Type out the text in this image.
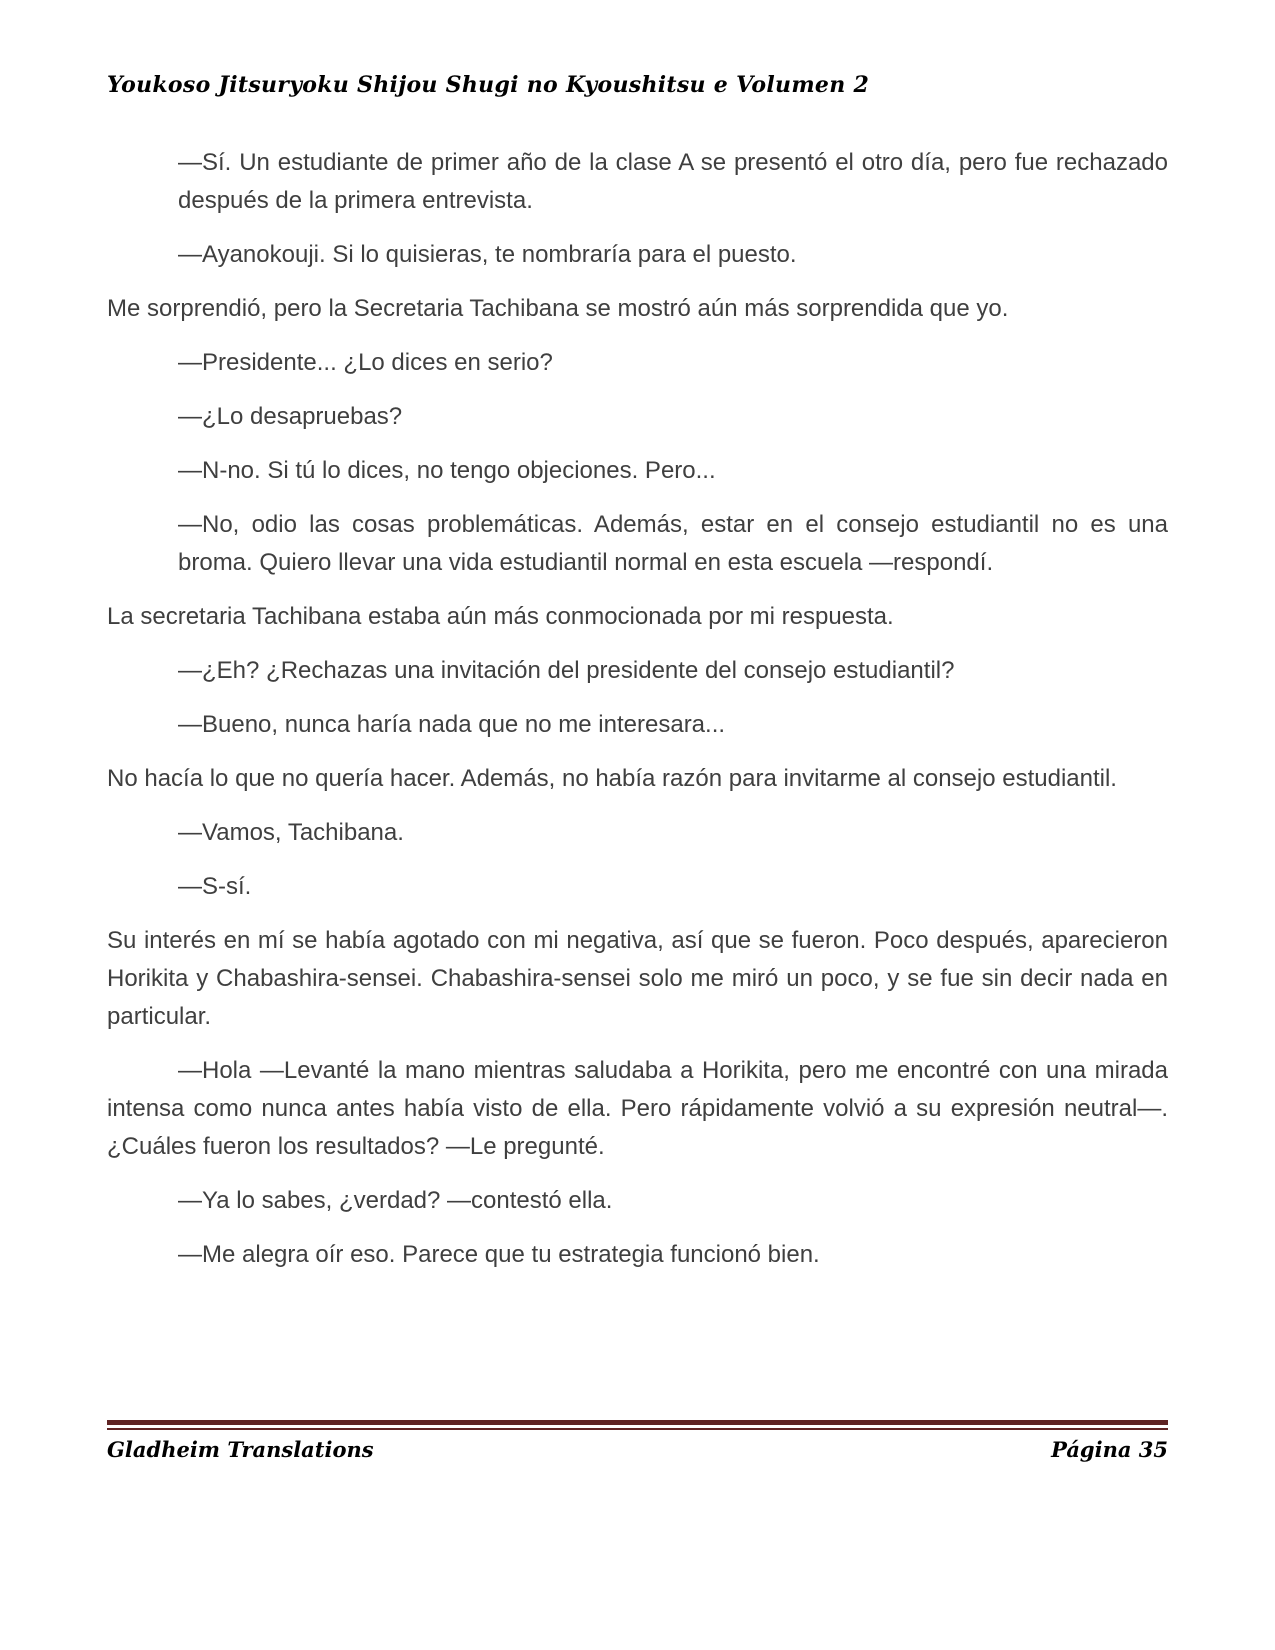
Youkoso Jitsuryoku Shijou Shugi no Kyoushitsu e Volumen 2

—Sí. Un estudiante de primer año de la clase A se presentó el otro día, pero fue rechazado después de la primera entrevista.

—Ayanokouji. Si lo quisieras, te nombraría para el puesto.

Me sorprendió, pero la Secretaria Tachibana se mostró aún más sorprendida que yo.

—Presidente... ¿Lo dices en serio?

—¿Lo desapruebas?

—N-no. Si tú lo dices, no tengo objeciones. Pero...

—No, odio las cosas problemáticas. Además, estar en el consejo estudiantil no es una broma. Quiero llevar una vida estudiantil normal en esta escuela —respondí.

La secretaria Tachibana estaba aún más conmocionada por mi respuesta.

—¿Eh? ¿Rechazas una invitación del presidente del consejo estudiantil?

—Bueno, nunca haría nada que no me interesara...

No hacía lo que no quería hacer. Además, no había razón para invitarme al consejo estudiantil.

—Vamos, Tachibana.

—S-sí.

Su interés en mí se había agotado con mi negativa, así que se fueron. Poco después, aparecieron Horikita y Chabashira-sensei. Chabashira-sensei solo me miró un poco, y se fue sin decir nada en particular.

—Hola —Levanté la mano mientras saludaba a Horikita, pero me encontré con una mirada intensa como nunca antes había visto de ella. Pero rápidamente volvió a su expresión neutral—. ¿Cuáles fueron los resultados? —Le pregunté.

—Ya lo sabes, ¿verdad? —contestó ella.

—Me alegra oír eso. Parece que tu estrategia funcionó bien.

Gladheim Translations	Página 35
